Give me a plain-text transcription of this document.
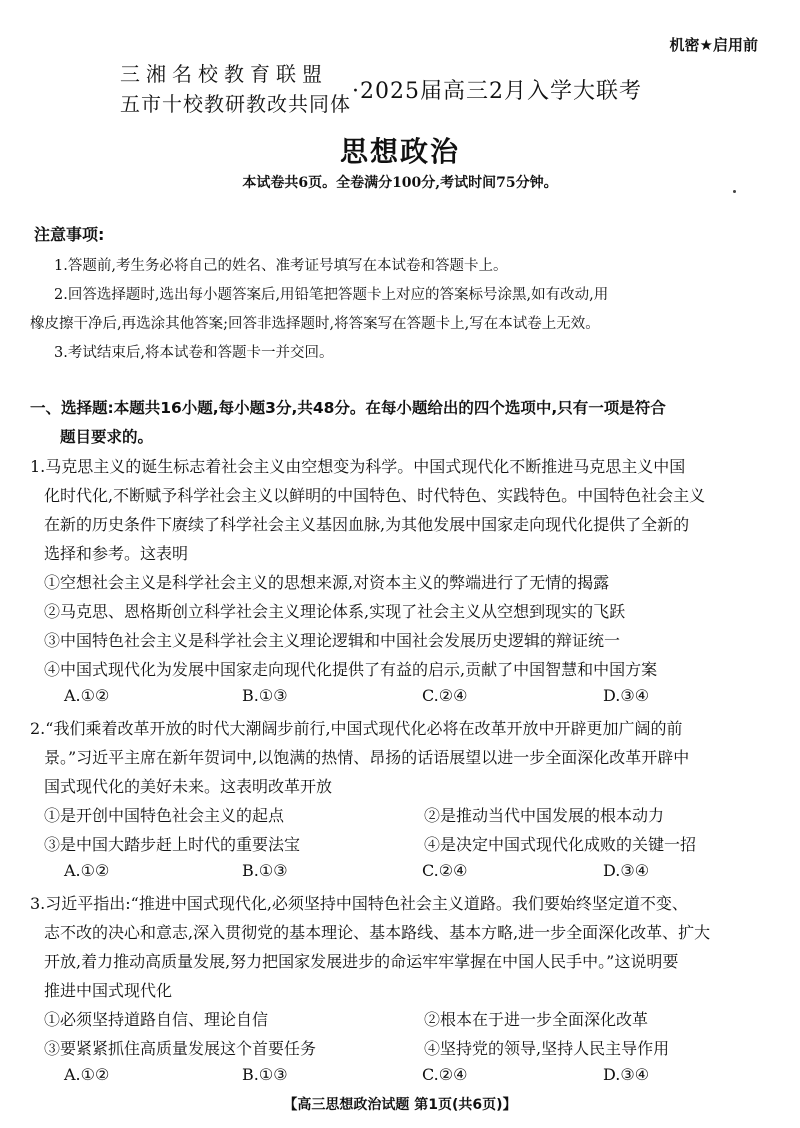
机密★启用前
三湘名校教育联盟
五市十校教研教改共同体 ·2025届高三2月入学大联考
思想政治
本试卷共6页。全卷满分100分,考试时间75分钟。
注意事项:
1.答题前,考生务必将自己的姓名、准考证号填写在本试卷和答题卡上。
2.回答选择题时,选出每小题答案后,用铅笔把答题卡上对应的答案标号涂黑,如有改动,用
橡皮擦干净后,再选涂其他答案;回答非选择题时,将答案写在答题卡上,写在本试卷上无效。
3.考试结束后,将本试卷和答题卡一并交回。
一、选择题:本题共16小题,每小题3分,共48分。在每小题给出的四个选项中,只有一项是符合
题目要求的。
1.马克思主义的诞生标志着社会主义由空想变为科学。中国式现代化不断推进马克思主义中国
化时代化,不断赋予科学社会主义以鲜明的中国特色、时代特色、实践特色。中国特色社会主义
在新的历史条件下赓续了科学社会主义基因血脉,为其他发展中国家走向现代化提供了全新的
选择和参考。这表明
①空想社会主义是科学社会主义的思想来源,对资本主义的弊端进行了无情的揭露
②马克思、恩格斯创立科学社会主义理论体系,实现了社会主义从空想到现实的飞跃
③中国特色社会主义是科学社会主义理论逻辑和中国社会发展历史逻辑的辩证统一
④中国式现代化为发展中国家走向现代化提供了有益的启示,贡献了中国智慧和中国方案
A.①②	B.①③	C.②④	D.③④
2.“我们乘着改革开放的时代大潮阔步前行,中国式现代化必将在改革开放中开辟更加广阔的前
景。”习近平主席在新年贺词中,以饱满的热情、昂扬的话语展望以进一步全面深化改革开辟中
国式现代化的美好未来。这表明改革开放
①是开创中国特色社会主义的起点	②是推动当代中国发展的根本动力
③是中国大踏步赶上时代的重要法宝	④是决定中国式现代化成败的关键一招
A.①②	B.①③	C.②④	D.③④
3.习近平指出:“推进中国式现代化,必须坚持中国特色社会主义道路。我们要始终坚定道不变、
志不改的决心和意志,深入贯彻党的基本理论、基本路线、基本方略,进一步全面深化改革、扩大
开放,着力推动高质量发展,努力把国家发展进步的命运牢牢掌握在中国人民手中。”这说明要
推进中国式现代化
①必须坚持道路自信、理论自信	②根本在于进一步全面深化改革
③要紧紧抓住高质量发展这个首要任务	④坚持党的领导,坚持人民主导作用
A.①②	B.①③	C.②④	D.③④
【高三思想政治试题 第1页(共6页)】
